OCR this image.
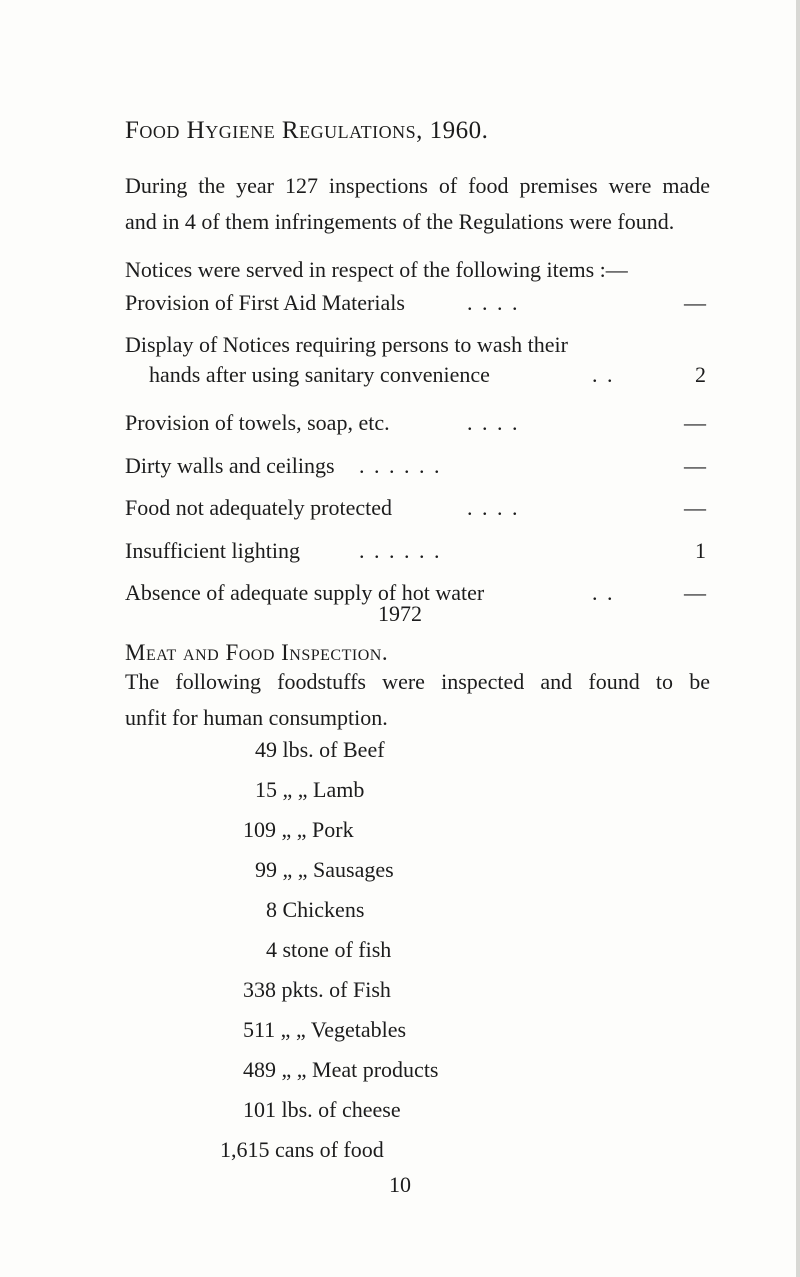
Food Hygiene Regulations, 1960.
During the year 127 inspections of food premises were made
and in 4 of them infringements of the Regulations were found.
Notices were served in respect of the following items :—
Provision of First Aid Materials	. . . .	—
Display of Notices requiring persons to wash their
hands after using sanitary convenience	. .	2
Provision of towels, soap, etc.	. . . .	—
Dirty walls and ceilings . . . . . .	—
Food not adequately protected	. . . .	—
Insufficient lighting	. . . . . .	1
Absence of adequate supply of hot water	. .	—
1972
Meat and Food Inspection.
The following foodstuffs were inspected and found to be
unfit for human consumption.
49 lbs. of Beef
15 „ „ Lamb
109 „ „ Pork
99 „ „ Sausages
8 Chickens
4 stone of fish
338 pkts. of Fish
511 „ „ Vegetables
489 „ „ Meat products
101 lbs. of cheese
1,615 cans of food
10
